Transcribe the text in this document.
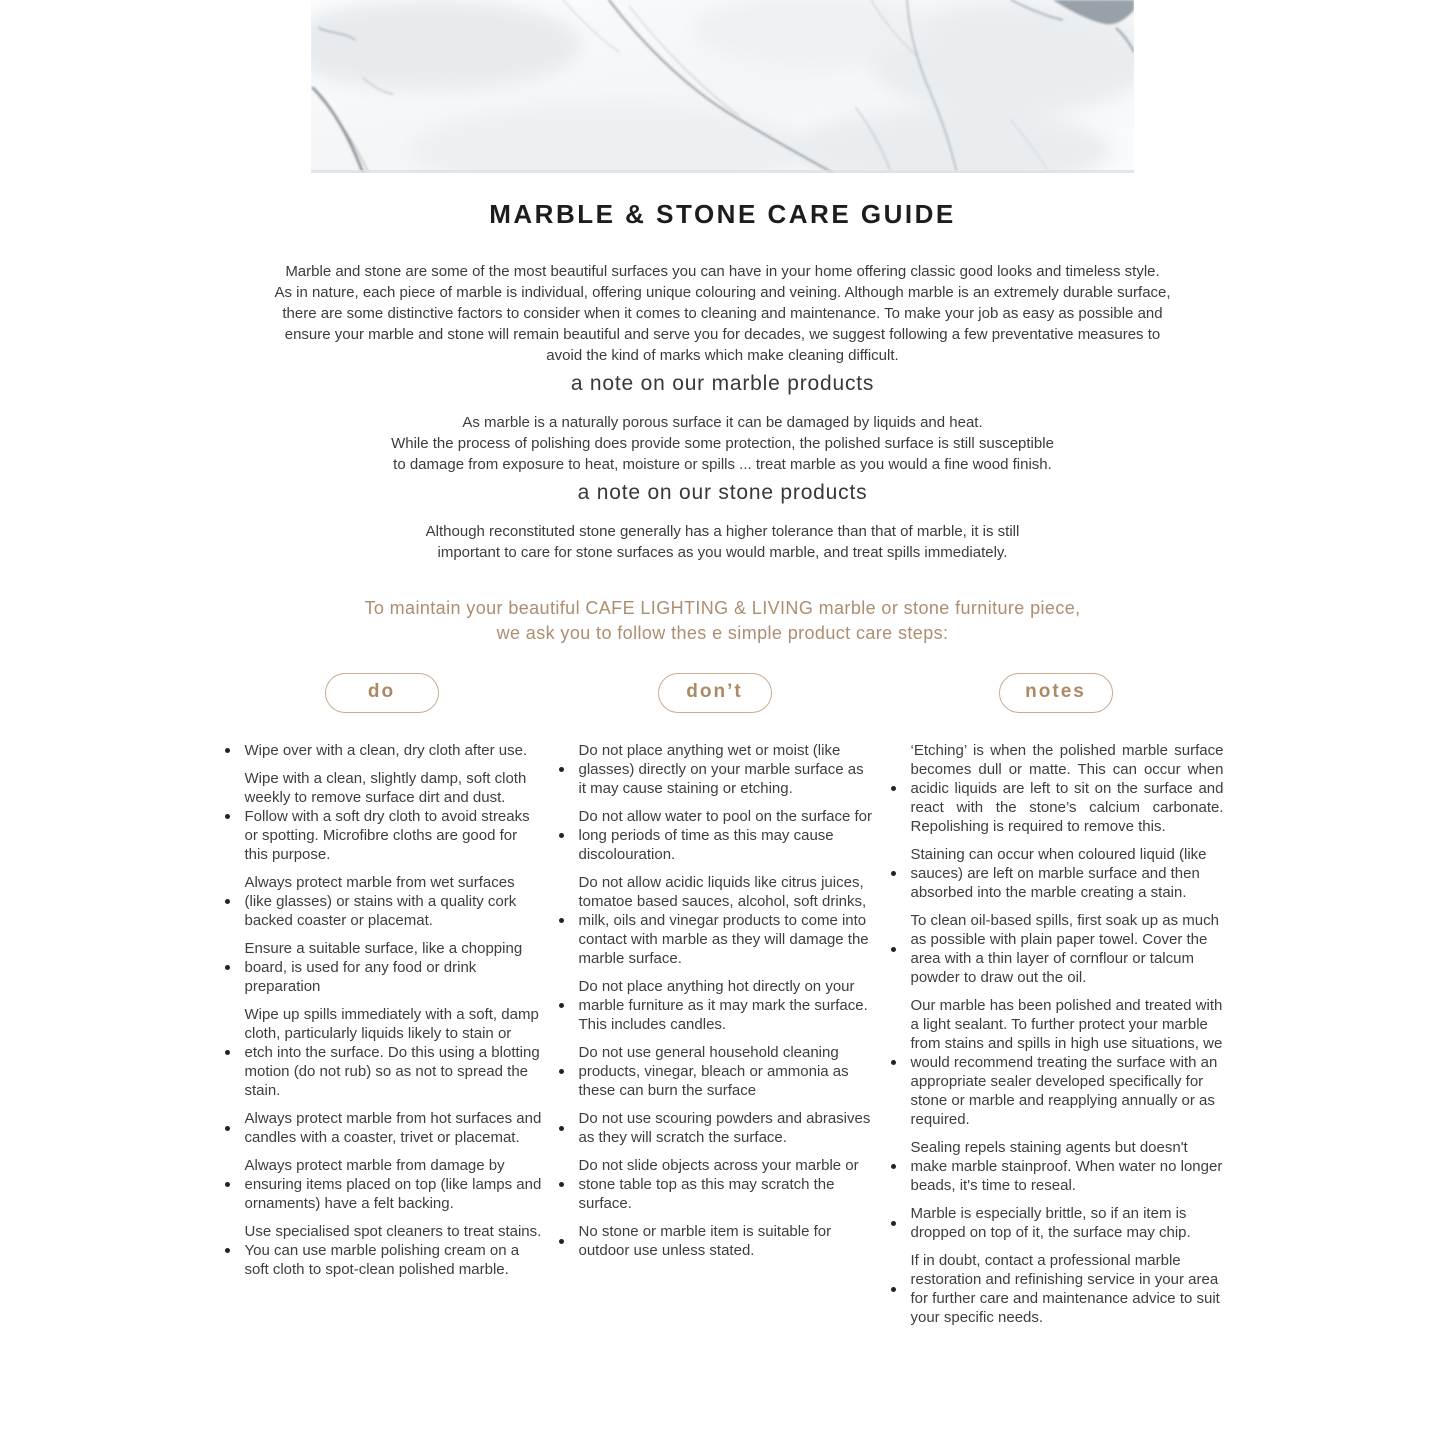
MARBLE & STONE CARE GUIDE

Marble and stone are some of the most beautiful surfaces you can have in your home offering classic good looks and timeless style.
As in nature, each piece of marble is individual, offering unique colouring and veining. Although marble is an extremely durable surface,
there are some distinctive factors to consider when it comes to cleaning and maintenance. To make your job as easy as possible and
ensure your marble and stone will remain beautiful and serve you for decades, we suggest following a few preventative measures to
avoid the kind of marks which make cleaning difficult.

a note on our marble products

As marble is a naturally porous surface it can be damaged by liquids and heat.
While the process of polishing does provide some protection, the polished surface is still susceptible
to damage from exposure to heat, moisture or spills ... treat marble as you would a fine wood finish.

a note on our stone products

Although reconstituted stone generally has a higher tolerance than that of marble, it is still
important to care for stone surfaces as you would marble, and treat spills immediately.

To maintain your beautiful CAFE LIGHTING & LIVING marble or stone furniture piece,
we ask you to follow thes e simple product care steps:

do
Wipe over with a clean, dry cloth after use.
Wipe with a clean, slightly damp, soft cloth weekly to remove surface dirt and dust. Follow with a soft dry cloth to avoid streaks or spotting. Microfibre cloths are good for this purpose.
Always protect marble from wet surfaces (like glasses) or stains with a quality cork backed coaster or placemat.
Ensure a suitable surface, like a chopping board, is used for any food or drink preparation
Wipe up spills immediately with a soft, damp cloth, particularly liquids likely to stain or etch into the surface. Do this using a blotting motion (do not rub) so as not to spread the stain.
Always protect marble from hot surfaces and candles with a coaster, trivet or placemat.
Always protect marble from damage by ensuring items placed on top (like lamps and ornaments) have a felt backing.
Use specialised spot cleaners to treat stains. You can use marble polishing cream on a soft cloth to spot-clean polished marble.
don’t
Do not place anything wet or moist (like glasses) directly on your marble surface as it may cause staining or etching.
Do not allow water to pool on the surface for long periods of time as this may cause discolouration.
Do not allow acidic liquids like citrus juices, tomatoe based sauces, alcohol, soft drinks, milk, oils and vinegar products to come into contact with marble as they will damage the marble surface.
Do not place anything hot directly on your marble furniture as it may mark the surface. This includes candles.
Do not use general household cleaning products, vinegar, bleach or ammonia as these can burn the surface
Do not use scouring powders and abrasives as they will scratch the surface.
Do not slide objects across your marble or stone table top as this may scratch the surface.
No stone or marble item is suitable for outdoor use unless stated.
notes
‘Etching’ is when the polished marble surface becomes dull or matte. This can occur when acidic liquids are left to sit on the surface and react with the stone’s calcium carbonate. Repolishing is required to remove this.
Staining can occur when coloured liquid (like sauces) are left on marble surface and then absorbed into the marble creating a stain.
To clean oil-based spills, first soak up as much as possible with plain paper towel. Cover the area with a thin layer of cornflour or talcum powder to draw out the oil.
Our marble has been polished and treated with a light sealant. To further protect your marble from stains and spills in high use situations, we would recommend treating the surface with an appropriate sealer developed specifically for stone or marble and reapplying annually or as required.
Sealing repels staining agents but doesn't make marble stainproof. When water no longer beads, it's time to reseal.
Marble is especially brittle, so if an item is dropped on top of it, the surface may chip.
If in doubt, contact a professional marble restoration and refinishing service in your area for further care and maintenance advice to suit your specific needs.
